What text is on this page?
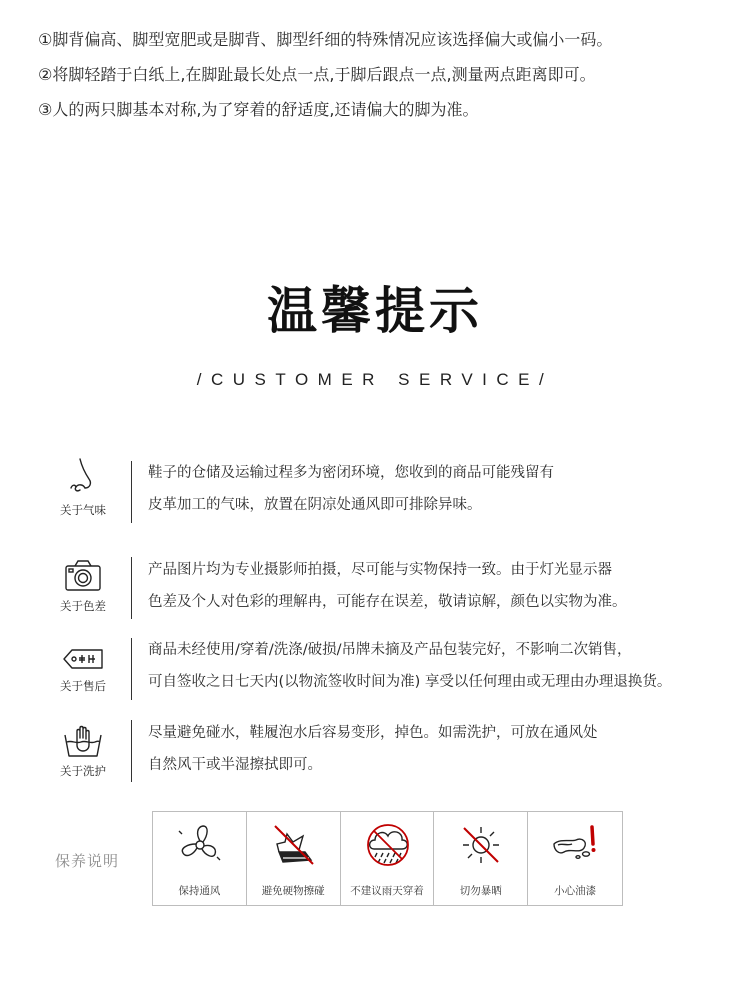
①脚背偏高、脚型宽肥或是脚背、脚型纤细的特殊情况应该选择偏大或偏小一码。
②将脚轻踏于白纸上,在脚趾最长处点一点,于脚后跟点一点,测量两点距离即可。
③人的两只脚基本对称,为了穿着的舒适度,还请偏大的脚为准。
温馨提示
/CUSTOMER SERVICE/
关于气味
鞋子的仓储及运输过程多为密闭环境，您收到的商品可能残留有
皮革加工的气味，放置在阴凉处通风即可排除异味。
关于色差
产品图片均为专业摄影师拍摄，尽可能与实物保持一致。由于灯光显示器
色差及个人对色彩的理解冉，可能存在误差，敬请谅解，颜色以实物为准。
关于售后
商品未经使用/穿着/洗涤/破损/吊牌未摘及产品包装完好，不影响二次销售，
可自签收之日七天内(以物流签收时间为准) 享受以任何理由或无理由办理退换货。
关于洗护
尽量避免碰水，鞋履泡水后容易变形，掉色。如需洗护，可放在通风处
自然风干或半湿擦拭即可。
保养说明
保持通风	避免硬物擦碰	不建议雨天穿着	切勿暴晒	小心油漆
